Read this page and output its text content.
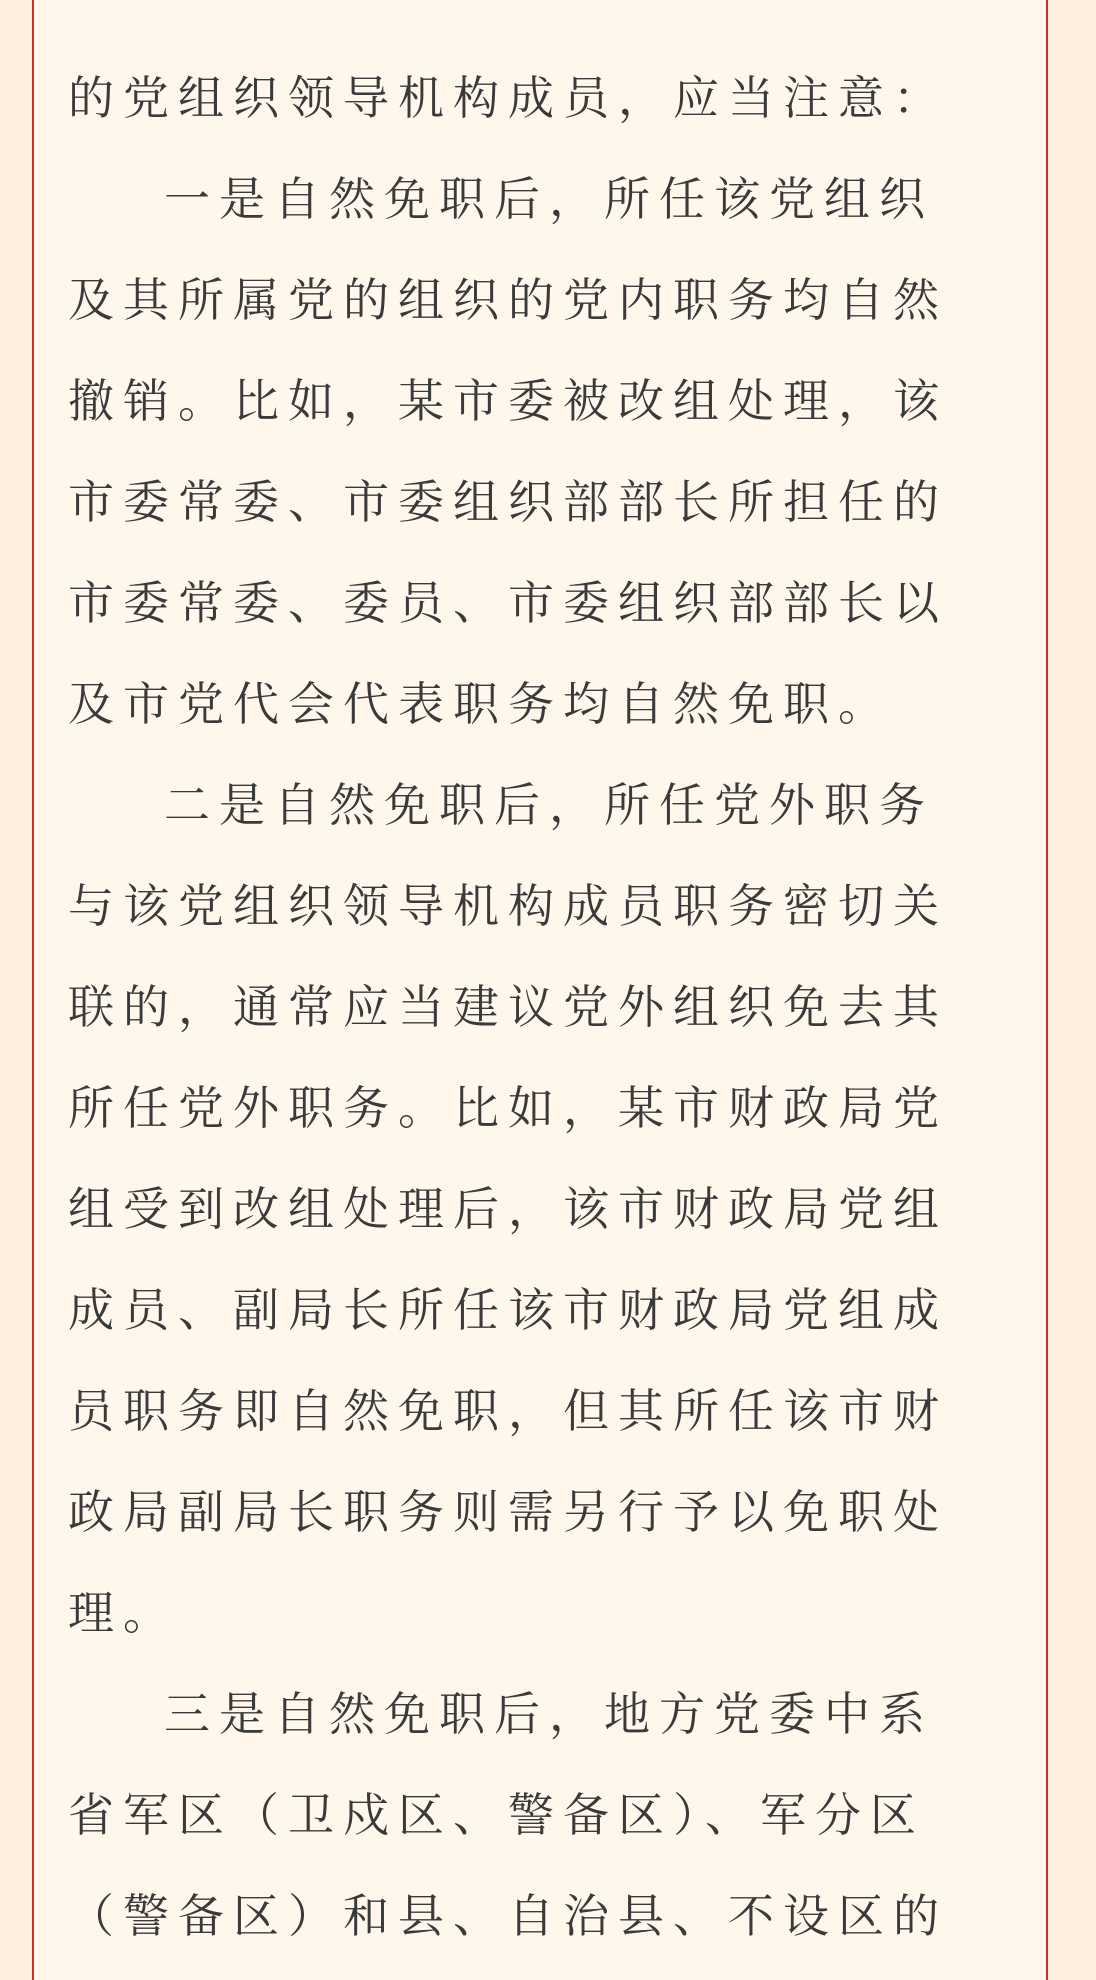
的党组织领导机构成员，应当注意：
一是自然免职后，所任该党组织
及其所属党的组织的党内职务均自然
撤销。比如，某市委被改组处理，该
市委常委、市委组织部部长所担任的
市委常委、委员、市委组织部部长以
及市党代会代表职务均自然免职。
二是自然免职后，所任党外职务
与该党组织领导机构成员职务密切关
联的，通常应当建议党外组织免去其
所任党外职务。比如，某市财政局党
组受到改组处理后，该市财政局党组
成员、副局长所任该市财政局党组成
员职务即自然免职，但其所任该市财
政局副局长职务则需另行予以免职处
理。
三是自然免职后，地方党委中系
省军区（卫戍区、警备区）、军分区
（警备区）和县、自治县、不设区的
